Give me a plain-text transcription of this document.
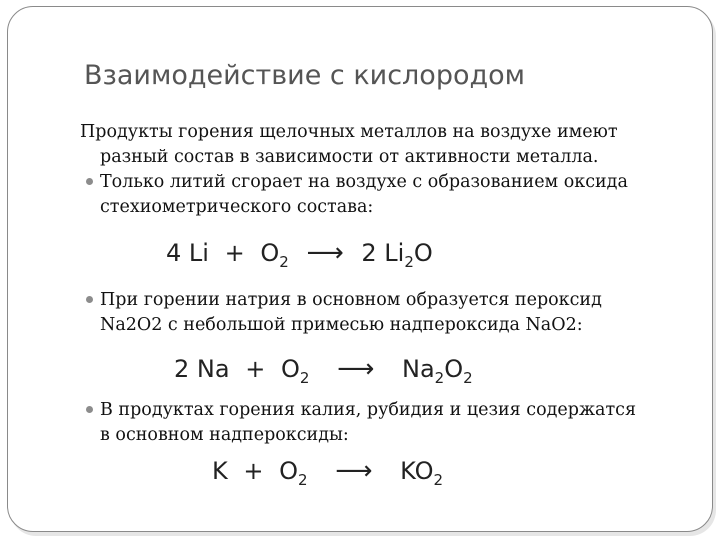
Взаимодействие с кислородом

Продукты горения щелочных металлов на воздухе имеют

разный состав в зависимости от активности металла.

Только литий сгорает на воздухе с образованием оксида

стехиометрического состава:

4 $Li + O_2$ ⟶ 2 $Li_2O$

При горении натрия в основном образуется пероксид

Na2O2 с небольшой примесью надпероксида NaO2:

2 $Na + O_2$ ⟶ $Na_2O_2$

В продуктах горения калия, рубидия и цезия содержатся

в основном надпероксиды:

$K + O_2$ ⟶ $KO_2$
